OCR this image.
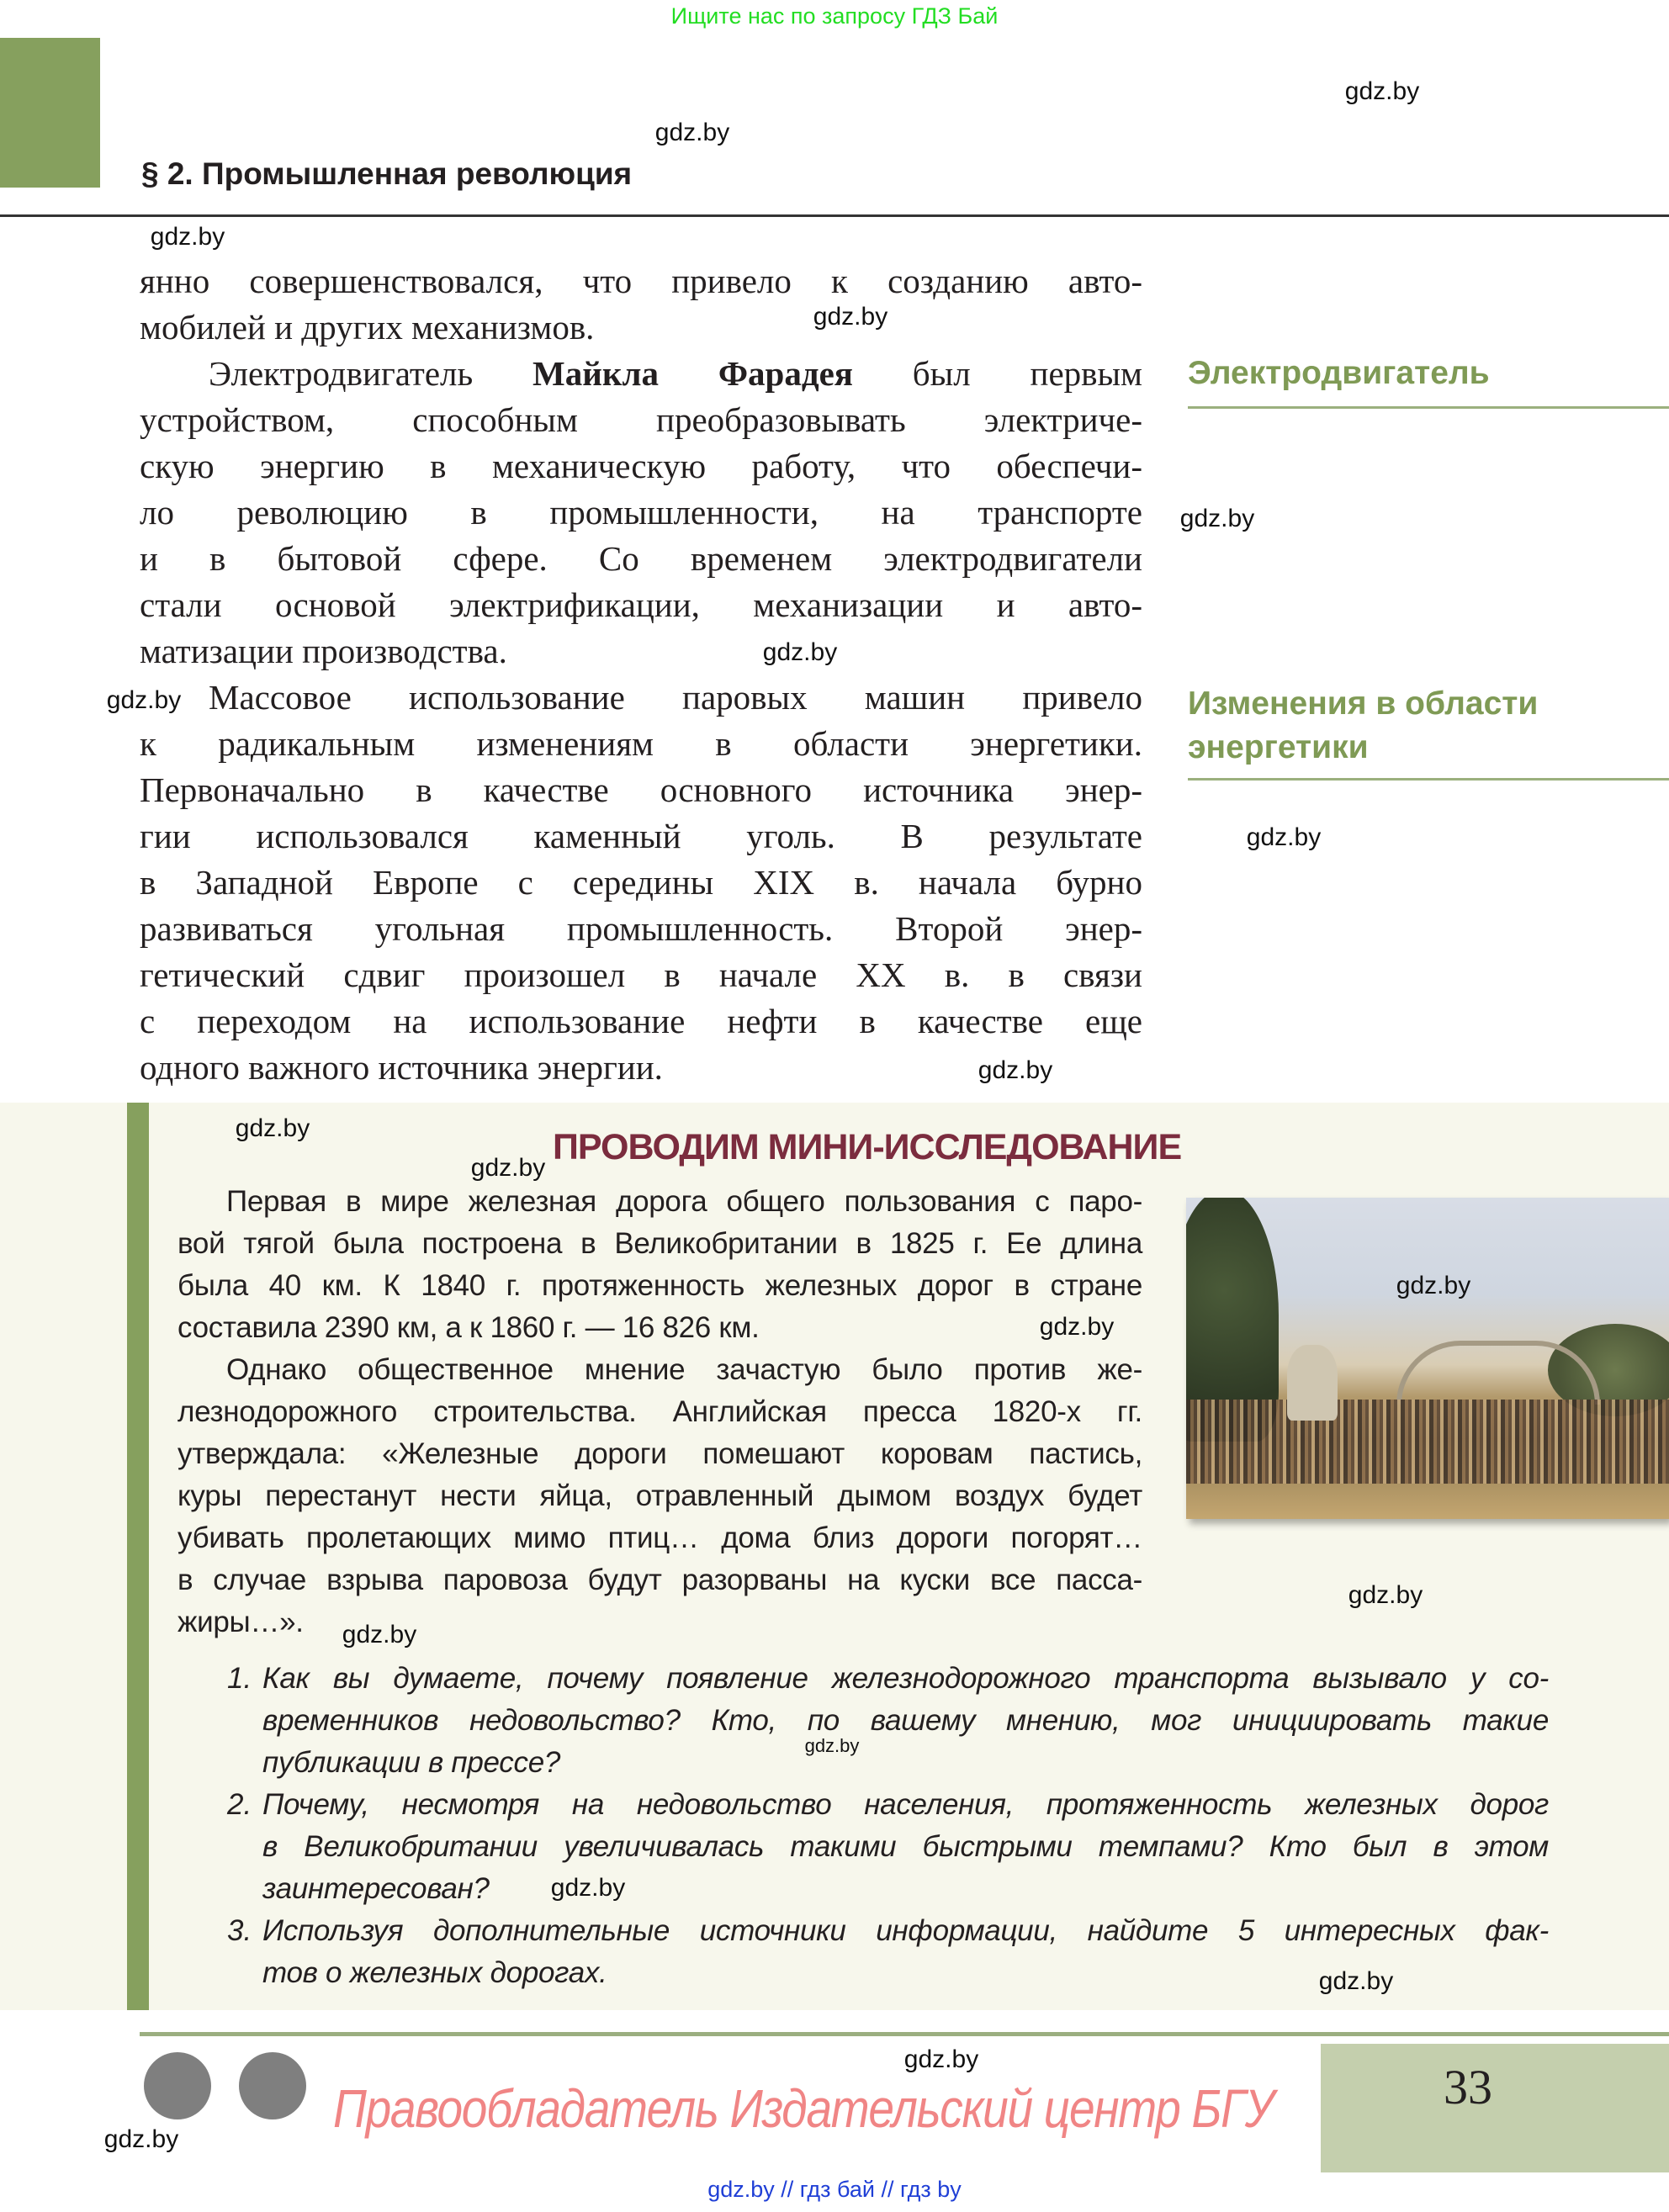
Ищите нас по запросу ГДЗ Бай
§ 2. Промышленная революция
янно совершенствовался, что привело к созданию авто-
мобилей и других механизмов.
Электродвигатель Майкла Фарадея был первым
устройством, способным преобразовывать электриче-
скую энергию в механическую работу, что обеспечи-
ло революцию в промышленности, на транспорте
и в бытовой сфере. Со временем электродвигатели
стали основой электрификации, механизации и авто-
матизации производства.
Массовое использование паровых машин привело
к радикальным изменениям в области энергетики.
Первоначально в качестве основного источника энер-
гии использовался каменный уголь. В результате
в Западной Европе с середины XIX в. начала бурно
развиваться угольная промышленность. Второй энер-
гетический сдвиг произошел в начале XX в. в связи
с переходом на использование нефти в качестве еще
одного важного источника энергии.
Электродвигатель
Изменения в области
энергетики
ПРОВОДИМ МИНИ-ИССЛЕДОВАНИЕ
Первая в мире железная дорога общего пользования с паро-
вой тягой была построена в Великобритании в 1825 г. Ее длина
была 40 км. К 1840 г. протяженность железных дорог в стране
составила 2390 км, а к 1860 г. — 16 826 км.
Однако общественное мнение зачастую было против же-
лезнодорожного строительства. Английская пресса 1820-х гг.
утверждала: «Железные дороги помешают коровам пастись,
куры перестанут нести яйца, отравленный дымом воздух будет
убивать пролетающих мимо птиц… дома близ дороги погорят…
в случае взрыва паровоза будут разорваны на куски все пасса-
жиры…».
1. Как вы думаете, почему появление железнодорожного транспорта вызывало у со-
временников недовольство? Кто, по вашему мнению, мог инициировать такие
публикации в прессе?
2. Почему, несмотря на недовольство населения, протяженность железных дорог
в Великобритании увеличивалась такими быстрыми темпами? Кто был в этом
заинтересован?
3. Используя дополнительные источники информации, найдите 5 интересных фак-
тов о железных дорогах.
Правообладатель Издательский центр БГУ	33
gdz.by // гдз бай // гдз by
gdz.by
gdz.by
gdz.by
gdz.by
gdz.by
gdz.by
gdz.by
gdz.by
gdz.by
gdz.by
gdz.by
gdz.by
gdz.by
gdz.by
gdz.by
gdz.by
gdz.by
gdz.by
gdz.by
gdz.by
